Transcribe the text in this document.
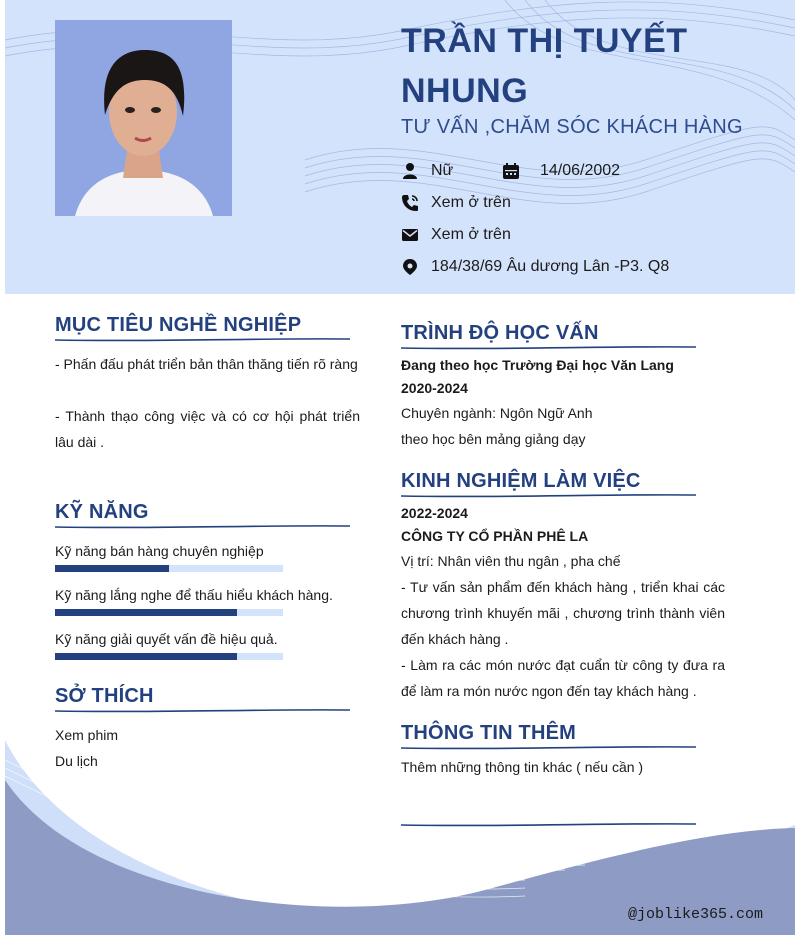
TRẦN THỊ TUYẾT NHUNG
TƯ VẤN ,CHĂM SÓC KHÁCH HÀNG
Nữ	14/06/2002
Xem ở trên
Xem ở trên
184/38/69 Âu dương Lân -P3. Q8
MỤC TIÊU NGHỀ NGHIỆP
- Phấn đấu phát triển bản thân thăng tiến rõ ràng
- Thành thạo công việc và có cơ hội phát triển lâu dài .
KỸ NĂNG
Kỹ năng bán hàng chuyên nghiệp
Kỹ năng lắng nghe để thấu hiểu khách hàng.
Kỹ năng giải quyết vấn đề hiệu quả.
SỞ THÍCH
Xem phim
Du lịch
TRÌNH ĐỘ HỌC VẤN
Đang theo học Trường Đại học Văn Lang
2020-2024
Chuyên ngành: Ngôn Ngữ Anh
theo học bên mảng giảng dạy
KINH NGHIỆM LÀM VIỆC
2022-2024
CÔNG TY CỔ PHẦN PHÊ LA
Vị trí: Nhân viên thu ngân , pha chế
- Tư vấn sản phẩm đến khách hàng , triển khai các chương trình khuyến mãi , chương trình thành viên đến khách hàng .
- Làm ra các món nước đạt cuẩn từ công ty đưa ra để làm ra món nước ngon đến tay khách hàng .
THÔNG TIN THÊM
Thêm những thông tin khác ( nếu cần )
@joblike365.com
